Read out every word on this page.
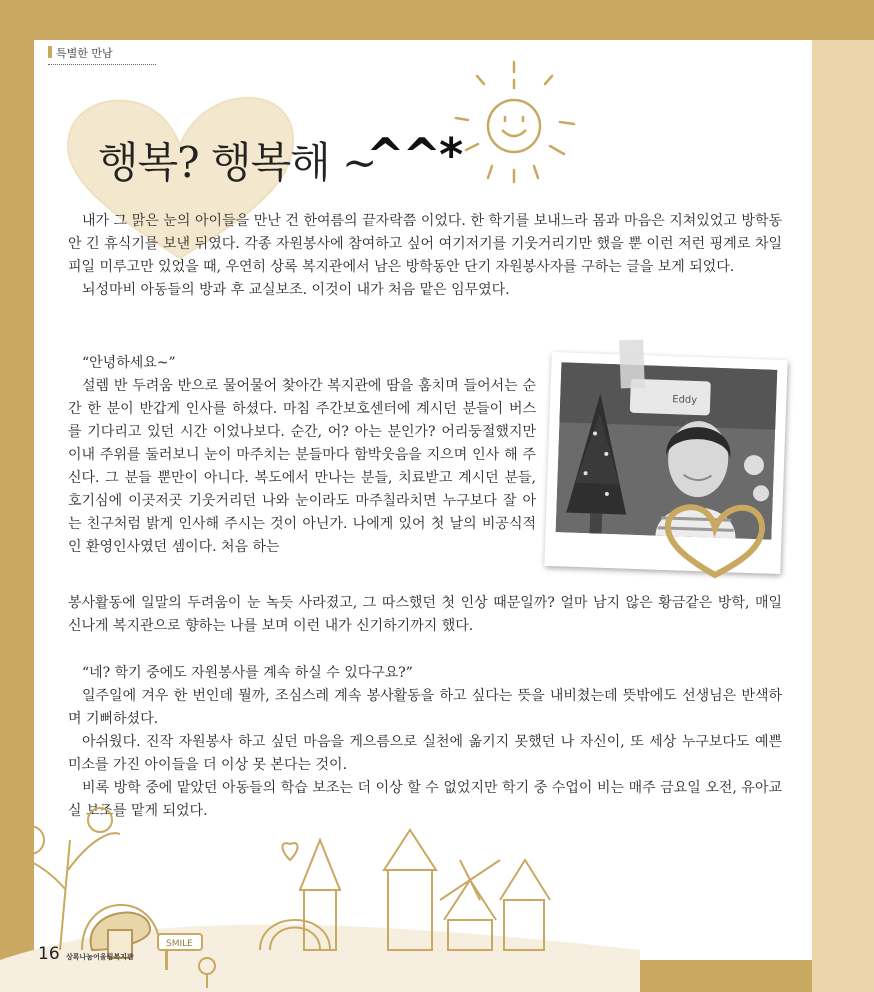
특별한 만남
행복? 행복해 ~
^^*

내가 그 맑은 눈의 아이들을 만난 건 한여름의 끝자락쯤 이었다. 한 학기를 보내느라 몸과 마음은 지쳐있었고 방학동안 긴 휴식기를 보낸 뒤였다. 각종 자원봉사에 참여하고 싶어 여기저기를 기웃거리기만 했을 뿐 이런 저런 핑계로 차일피일 미루고만 있었을 때, 우연히 상록 복지관에서 남은 방학동안 단기 자원봉사자를 구하는 글을 보게 되었다.

뇌성마비 아동들의 방과 후 교실보조. 이것이 내가 처음 맡은 임무였다.

“안녕하세요~”

설렘 반 두려움 반으로 물어물어 찾아간 복지관에 땀을 훔치며 들어서는 순간 한 분이 반갑게 인사를 하셨다. 마침 주간보호센터에 계시던 분들이 버스를 기다리고 있던 시간 이었나보다. 순간, 어? 아는 분인가? 어리둥절했지만 이내 주위를 둘러보니 눈이 마주치는 분들마다 함박웃음을 지으며 인사 해 주신다. 그 분들 뿐만이 아니다. 복도에서 만나는 분들, 치료받고 계시던 분들, 호기심에 이곳저곳 기웃거리던 나와 눈이라도 마주칠라치면 누구보다 잘 아는 친구처럼 밝게 인사해 주시는 것이 아닌가. 나에게 있어 첫 날의 비공식적인 환영인사였던 셈이다. 처음 하는

봉사활동에 일말의 두려움이 눈 녹듯 사라졌고, 그 따스했던 첫 인상 때문일까? 얼마 남지 않은 황금같은 방학, 매일 신나게 복지관으로 향하는 나를 보며 이런 내가 신기하기까지 했다.

“네? 학기 중에도 자원봉사를 계속 하실 수 있다구요?”

일주일에 겨우 한 번인데 뭘까, 조심스레 계속 봉사활동을 하고 싶다는 뜻을 내비쳤는데 뜻밖에도 선생님은 반색하며 기뻐하셨다.

아쉬웠다. 진작 자원봉사 하고 싶던 마음을 게으름으로 실천에 옮기지 못했던 나 자신이, 또 세상 누구보다도 예쁜 미소를 가진 아이들을 더 이상 못 본다는 것이.

비록 방학 중에 맡았던 아동들의 학습 보조는 더 이상 할 수 없었지만 학기 중 수업이 비는 매주 금요일 오전, 유아교실 보조를 맡게 되었다.

Eddy
SMILE
16 상록나눔어울림복지관
